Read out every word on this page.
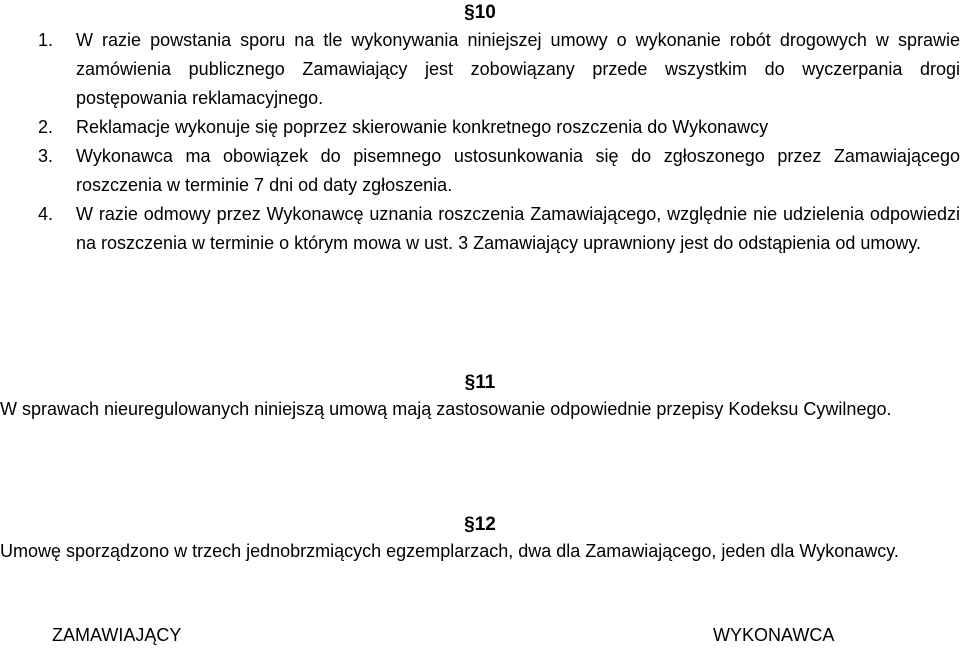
§10
1. W razie powstania sporu na tle wykonywania niniejszej umowy o wykonanie robót drogowych w sprawie zamówienia publicznego Zamawiający jest zobowiązany przede wszystkim do wyczerpania drogi postępowania reklamacyjnego.
2. Reklamacje wykonuje się poprzez skierowanie konkretnego roszczenia do Wykonawcy
3. Wykonawca ma obowiązek do pisemnego ustosunkowania się do zgłoszonego przez Zamawiającego roszczenia w terminie 7 dni od daty zgłoszenia.
4. W razie odmowy przez Wykonawcę uznania roszczenia Zamawiającego, względnie nie udzielenia odpowiedzi na roszczenia w terminie o którym mowa w ust. 3 Zamawiający uprawniony jest do odstąpienia od umowy.
§11

W sprawach nieuregulowanych niniejszą umową mają zastosowanie odpowiednie przepisy Kodeksu Cywilnego.

§12

Umowę sporządzono w trzech jednobrzmiących egzemplarzach, dwa dla Zamawiającego, jeden dla Wykonawcy.

ZAMAWIAJĄCY	WYKONAWCA
